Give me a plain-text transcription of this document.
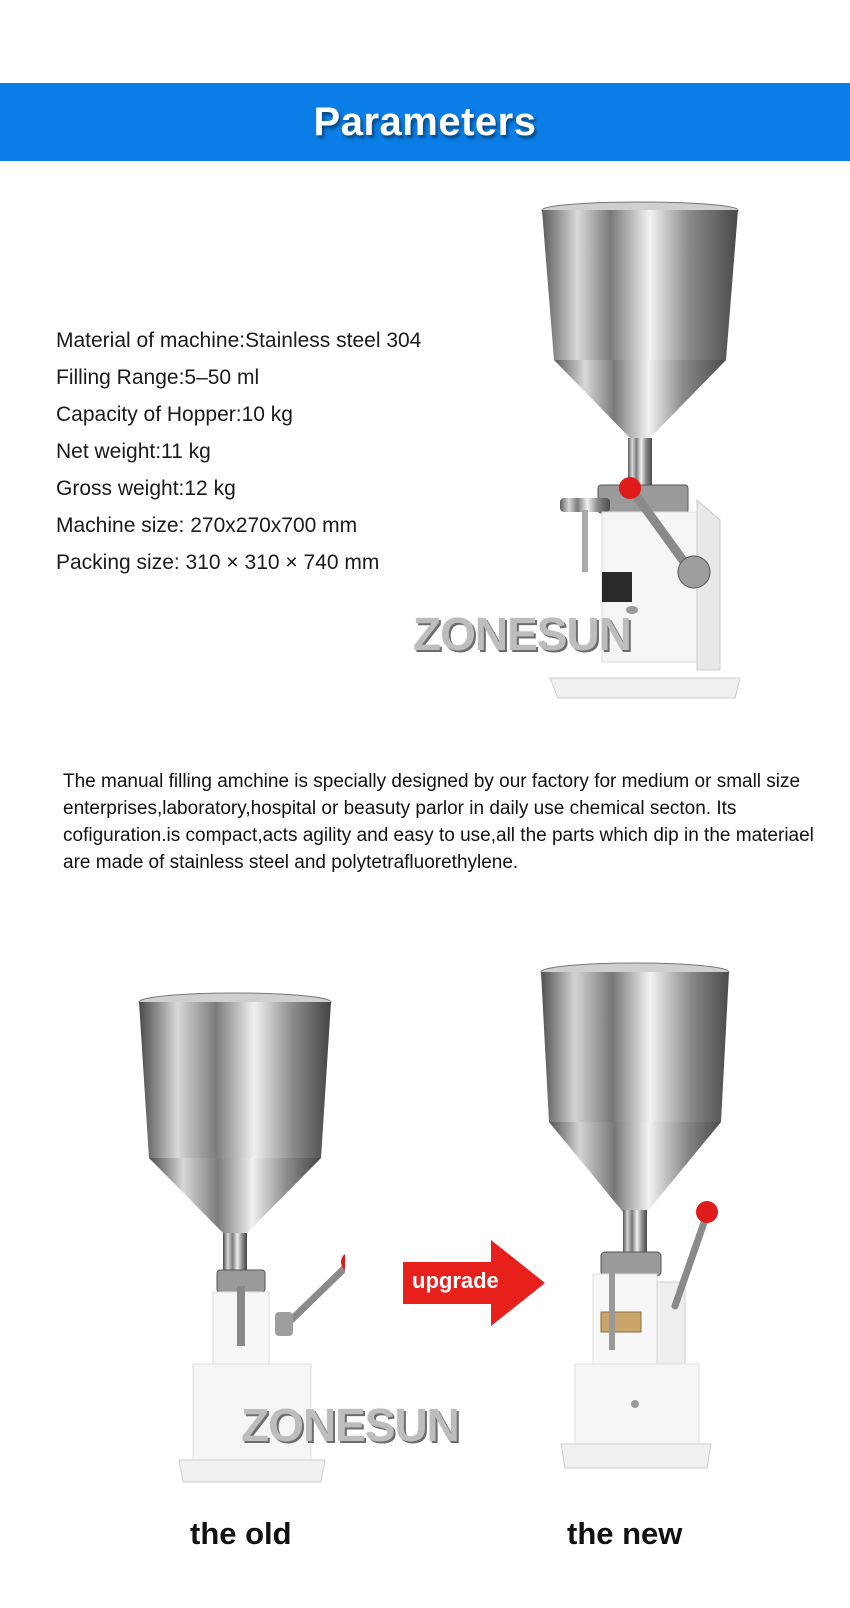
Parameters
Material of machine:Stainless steel 304
Filling Range:5–50 ml
Capacity of Hopper:10 kg
Net weight:11 kg
Gross weight:12 kg
Machine size: 270x270x700 mm
Packing size: 310 × 310 × 740 mm
ZONESUN

The manual filling amchine is specially designed by our factory for medium or small size enterprises,laboratory,hospital or beasuty parlor in daily use chemical secton. Its cofiguration.is compact,acts agility and easy to use,all the parts which dip in the materiael are made of stainless steel and polytetrafluorethylene.

ZONESUN
upgrade
the old	the new
